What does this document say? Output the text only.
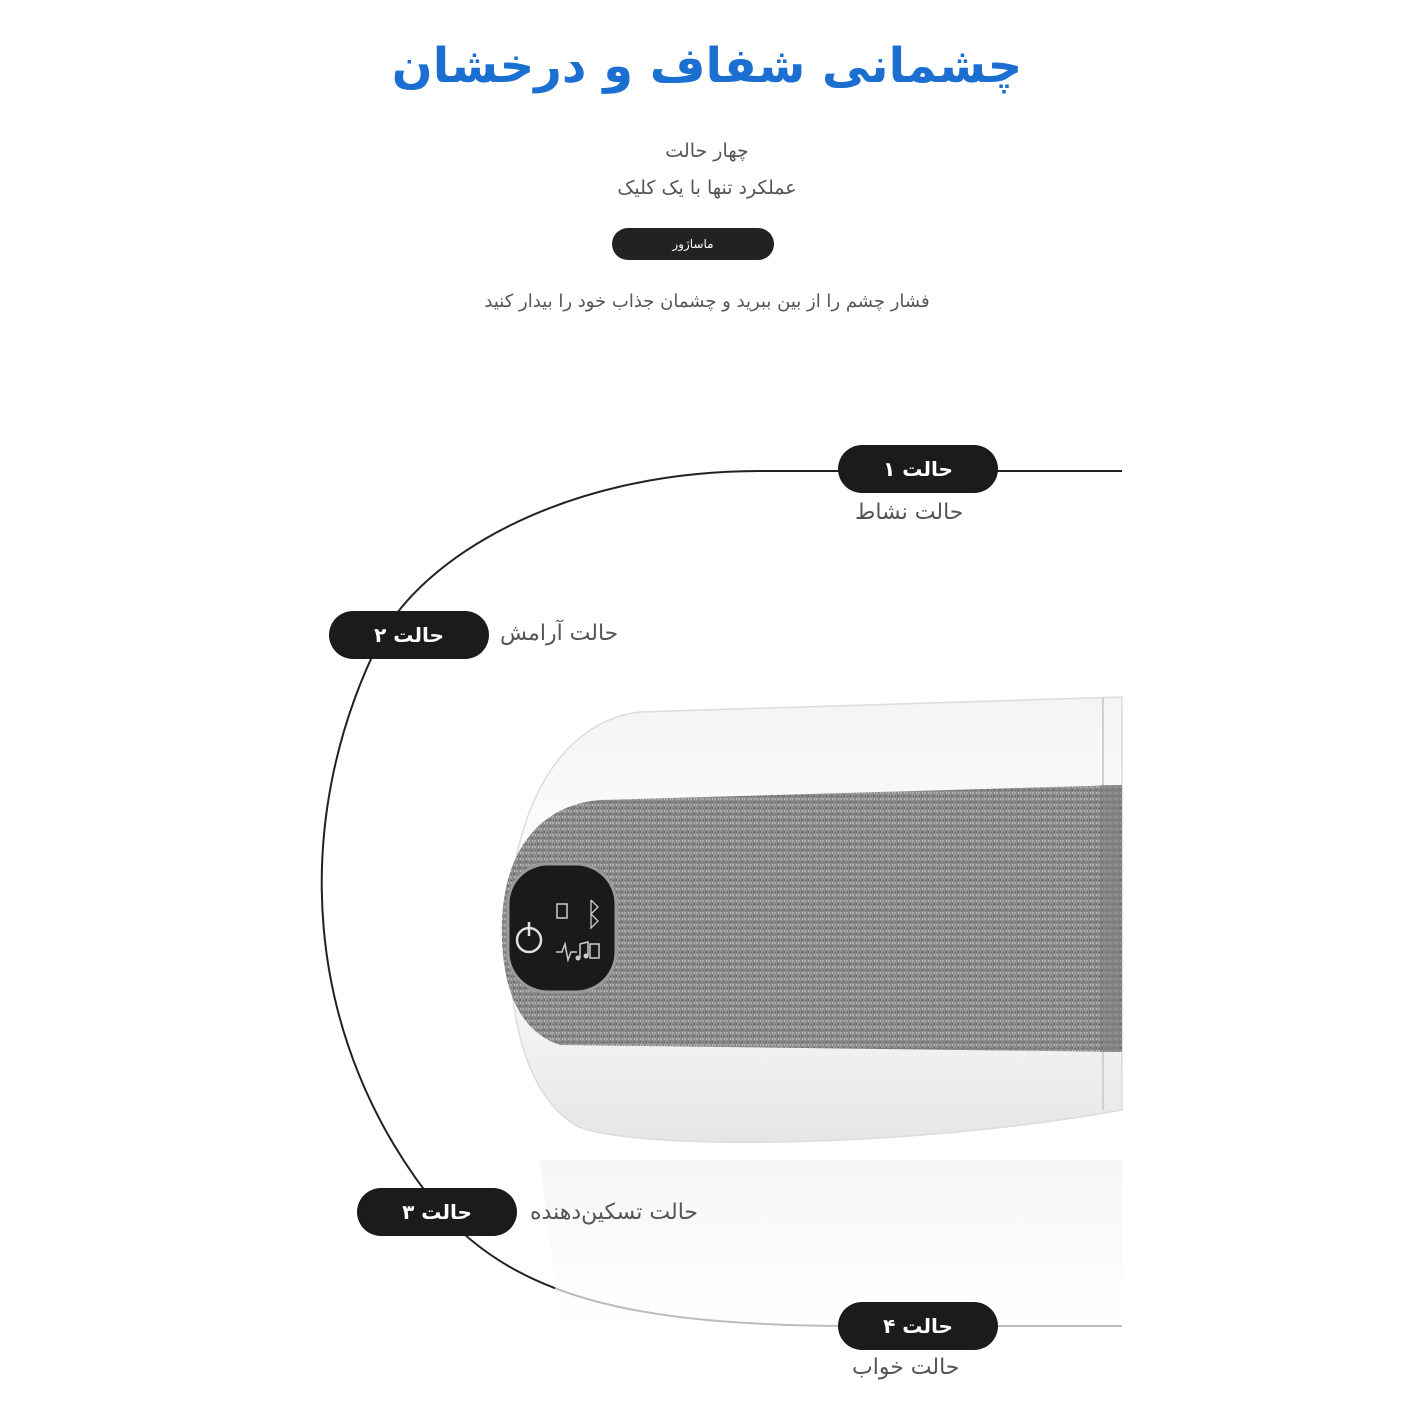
چشمانی شفاف و درخشان
چهار حالت
عملکرد تنها با یک کلیک
ماساژور
فشار چشم را از بین ببرید و چشمان جذاب خود را بیدار کنید
حالت ۱
حالت نشاط
حالت ۲	حالت آرامش
حالت ۳	حالت تسکین‌دهنده
حالت ۴
حالت خواب
